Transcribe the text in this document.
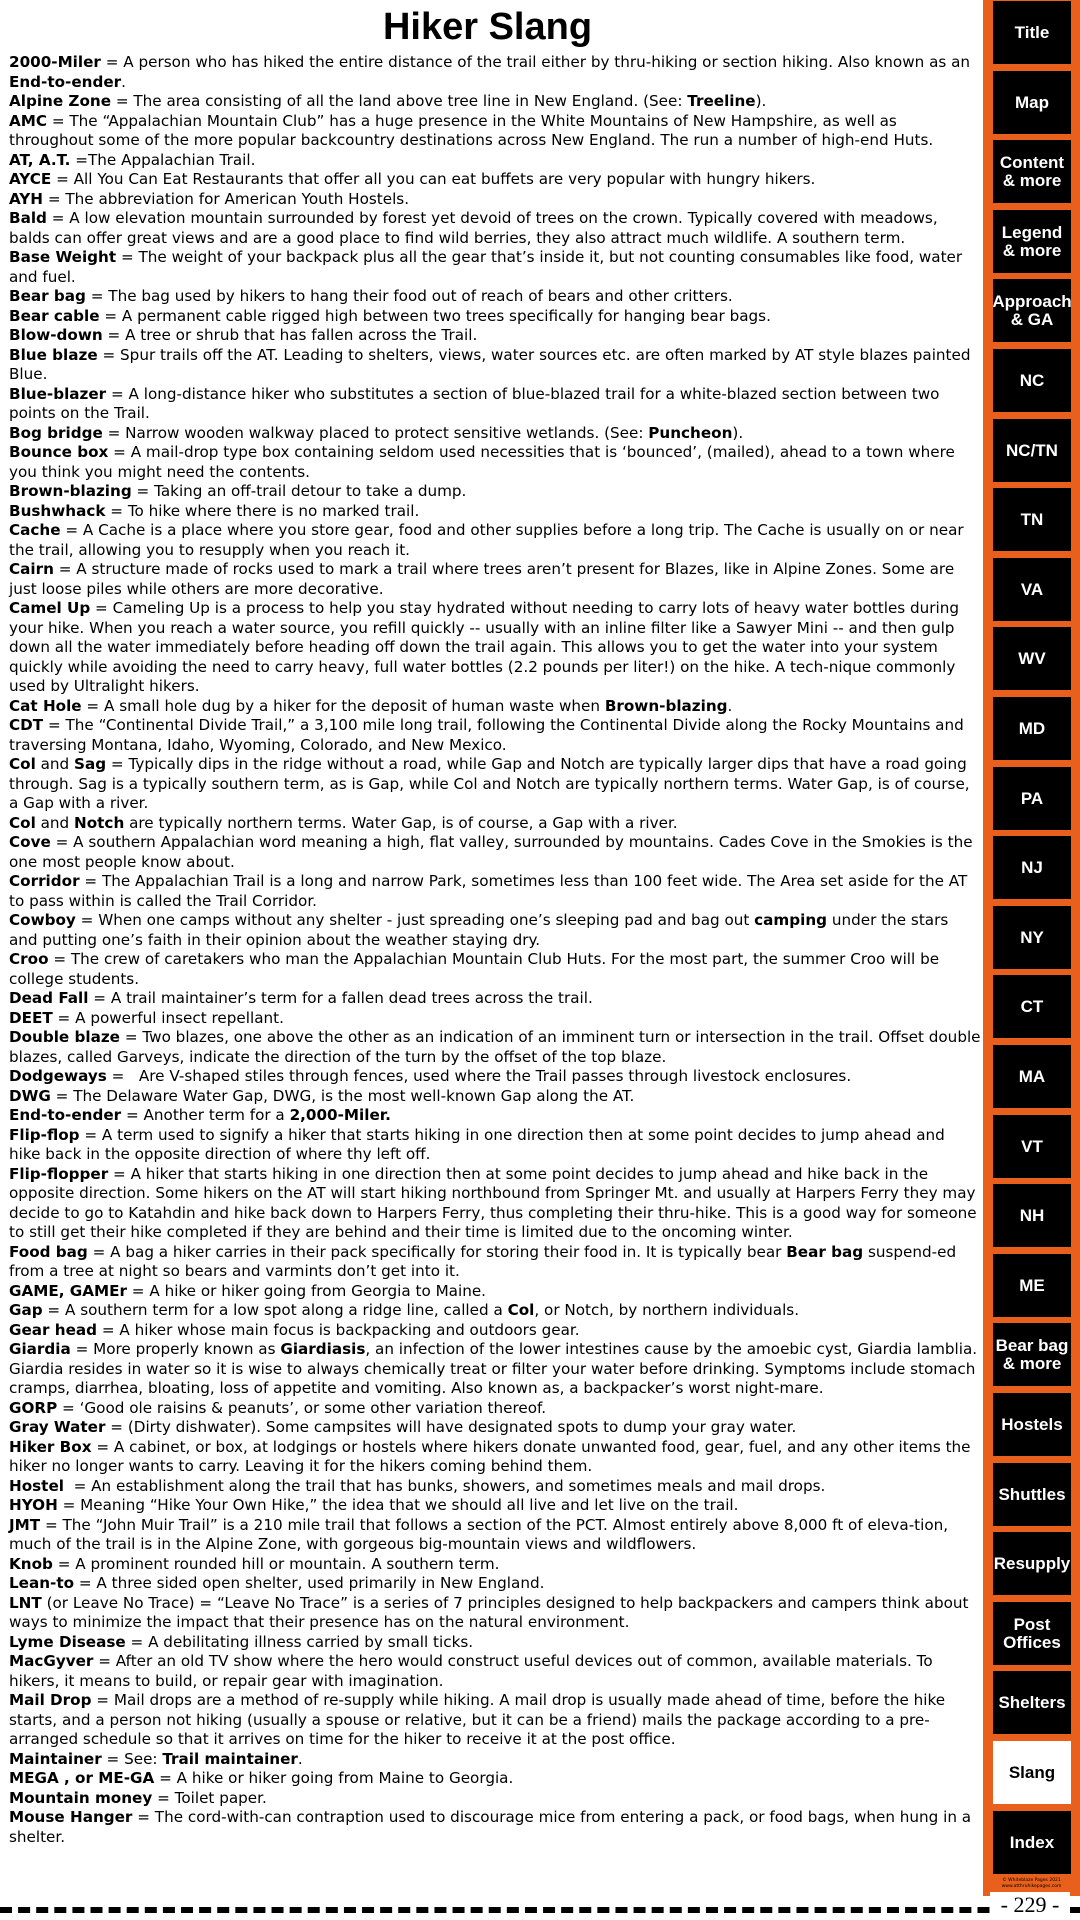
Hiker Slang
2000-Miler = A person who has hiked the entire distance of the trail either by thru-hiking or section hiking. Also known as an End-to-ender.
Alpine Zone = The area consisting of all the land above tree line in New England. (See: Treeline).
AMC = The “Appalachian Mountain Club” has a huge presence in the White Mountains of New Hampshire, as well as throughout some of the more popular backcountry destinations across New England. The run a number of high-end Huts.
AT, A.T. =The Appalachian Trail.
AYCE = All You Can Eat Restaurants that offer all you can eat buffets are very popular with hungry hikers.
AYH = The abbreviation for American Youth Hostels.
Bald = A low elevation mountain surrounded by forest yet devoid of trees on the crown. Typically covered with meadows, balds can offer great views and are a good place to find wild berries, they also attract much wildlife. A southern term.
Base Weight = The weight of your backpack plus all the gear that’s inside it, but not counting consumables like food, water and fuel.
Bear bag = The bag used by hikers to hang their food out of reach of bears and other critters.
Bear cable = A permanent cable rigged high between two trees specifically for hanging bear bags.
Blow-down = A tree or shrub that has fallen across the Trail.
Blue blaze = Spur trails off the AT. Leading to shelters, views, water sources etc. are often marked by AT style blazes painted Blue.
Blue-blazer = A long-distance hiker who substitutes a section of blue-blazed trail for a white-blazed section between two points on the Trail.
Bog bridge = Narrow wooden walkway placed to protect sensitive wetlands. (See: Puncheon).
Bounce box = A mail-drop type box containing seldom used necessities that is ‘bounced’, (mailed), ahead to a town where you think you might need the contents.
Brown-blazing = Taking an off-trail detour to take a dump.
Bushwhack = To hike where there is no marked trail.
Cache = A Cache is a place where you store gear, food and other supplies before a long trip. The Cache is usually on or near the trail, allowing you to resupply when you reach it.
Cairn = A structure made of rocks used to mark a trail where trees aren’t present for Blazes, like in Alpine Zones. Some are just loose piles while others are more decorative.
Camel Up = Cameling Up is a process to help you stay hydrated without needing to carry lots of heavy water bottles during your hike. When you reach a water source, you refill quickly -- usually with an inline filter like a Sawyer Mini -- and then gulp down all the water immediately before heading off down the trail again. This allows you to get the water into your system quickly while avoiding the need to carry heavy, full water bottles (2.2 pounds per liter!) on the hike. A tech-nique commonly used by Ultralight hikers.
Cat Hole = A small hole dug by a hiker for the deposit of human waste when Brown-blazing.
CDT = The “Continental Divide Trail,” a 3,100 mile long trail, following the Continental Divide along the Rocky Mountains and traversing Montana, Idaho, Wyoming, Colorado, and New Mexico.
Col and Sag = Typically dips in the ridge without a road, while Gap and Notch are typically larger dips that have a road going through. Sag is a typically southern term, as is Gap, while Col and Notch are typically northern terms. Water Gap, is of course, a Gap with a river.
Col and Notch are typically northern terms. Water Gap, is of course, a Gap with a river.
Cove = A southern Appalachian word meaning a high, flat valley, surrounded by mountains. Cades Cove in the Smokies is the one most people know about.
Corridor = The Appalachian Trail is a long and narrow Park, sometimes less than 100 feet wide. The Area set aside for the AT to pass within is called the Trail Corridor.
Cowboy = When one camps without any shelter - just spreading one’s sleeping pad and bag out camping under the stars and putting one’s faith in their opinion about the weather staying dry.
Croo = The crew of caretakers who man the Appalachian Mountain Club Huts. For the most part, the summer Croo will be college students.
Dead Fall = A trail maintainer’s term for a fallen dead trees across the trail.
DEET = A powerful insect repellant.
Double blaze = Two blazes, one above the other as an indication of an imminent turn or intersection in the trail. Offset double blazes, called Garveys, indicate the direction of the turn by the offset of the top blaze.
Dodgeways =   Are V-shaped stiles through fences, used where the Trail passes through livestock enclosures.
DWG = The Delaware Water Gap, DWG, is the most well-known Gap along the AT.
End-to-ender = Another term for a 2,000-Miler.
Flip-flop = A term used to signify a hiker that starts hiking in one direction then at some point decides to jump ahead and hike back in the opposite direction of where thy left off.
Flip-flopper = A hiker that starts hiking in one direction then at some point decides to jump ahead and hike back in the opposite direction. Some hikers on the AT will start hiking northbound from Springer Mt. and usually at Harpers Ferry they may decide to go to Katahdin and hike back down to Harpers Ferry, thus completing their thru-hike. This is a good way for someone to still get their hike completed if they are behind and their time is limited due to the oncoming winter.
Food bag = A bag a hiker carries in their pack specifically for storing their food in. It is typically bear Bear bag suspend-ed from a tree at night so bears and varmints don’t get into it.
GAME, GAMEr = A hike or hiker going from Georgia to Maine.
Gap = A southern term for a low spot along a ridge line, called a Col, or Notch, by northern individuals.
Gear head = A hiker whose main focus is backpacking and outdoors gear.
Giardia = More properly known as Giardiasis, an infection of the lower intestines cause by the amoebic cyst, Giardia lamblia. Giardia resides in water so it is wise to always chemically treat or filter your water before drinking. Symptoms include stomach cramps, diarrhea, bloating, loss of appetite and vomiting. Also known as, a backpacker’s worst night-mare.
GORP = ‘Good ole raisins & peanuts’, or some other variation thereof.
Gray Water = (Dirty dishwater). Some campsites will have designated spots to dump your gray water.
Hiker Box = A cabinet, or box, at lodgings or hostels where hikers donate unwanted food, gear, fuel, and any other items the hiker no longer wants to carry. Leaving it for the hikers coming behind them.
Hostel  = An establishment along the trail that has bunks, showers, and sometimes meals and mail drops.
HYOH = Meaning “Hike Your Own Hike,” the idea that we should all live and let live on the trail.
JMT = The “John Muir Trail” is a 210 mile trail that follows a section of the PCT. Almost entirely above 8,000 ft of eleva-tion, much of the trail is in the Alpine Zone, with gorgeous big-mountain views and wildflowers.
Knob = A prominent rounded hill or mountain. A southern term.
Lean-to = A three sided open shelter, used primarily in New England.
LNT (or Leave No Trace) = “Leave No Trace” is a series of 7 principles designed to help backpackers and campers think about ways to minimize the impact that their presence has on the natural environment.
Lyme Disease = A debilitating illness carried by small ticks.
MacGyver = After an old TV show where the hero would construct useful devices out of common, available materials. To hikers, it means to build, or repair gear with imagination.
Mail Drop = Mail drops are a method of re-supply while hiking. A mail drop is usually made ahead of time, before the hike starts, and a person not hiking (usually a spouse or relative, but it can be a friend) mails the package according to a pre-arranged schedule so that it arrives on time for the hiker to receive it at the post office.
Maintainer = See: Trail maintainer.
MEGA , or ME-GA = A hike or hiker going from Maine to Georgia.
Mountain money = Toilet paper.
Mouse Hanger = The cord-with-can contraption used to discourage mice from entering a pack, or food bags, when hung in a shelter.
Title
Map
Content
& more
Legend
& more
Approach
& GA
NC
NC/TN
TN
VA
WV
MD
PA
NJ
NY
CT
MA
VT
NH
ME
Bear bag
& more
Hostels
Shuttles
Resupply
Post
Offices
Shelters
Slang
Index
© Whiteblaze Pages 2021
www.atthruhikepages.com
- 229 -
